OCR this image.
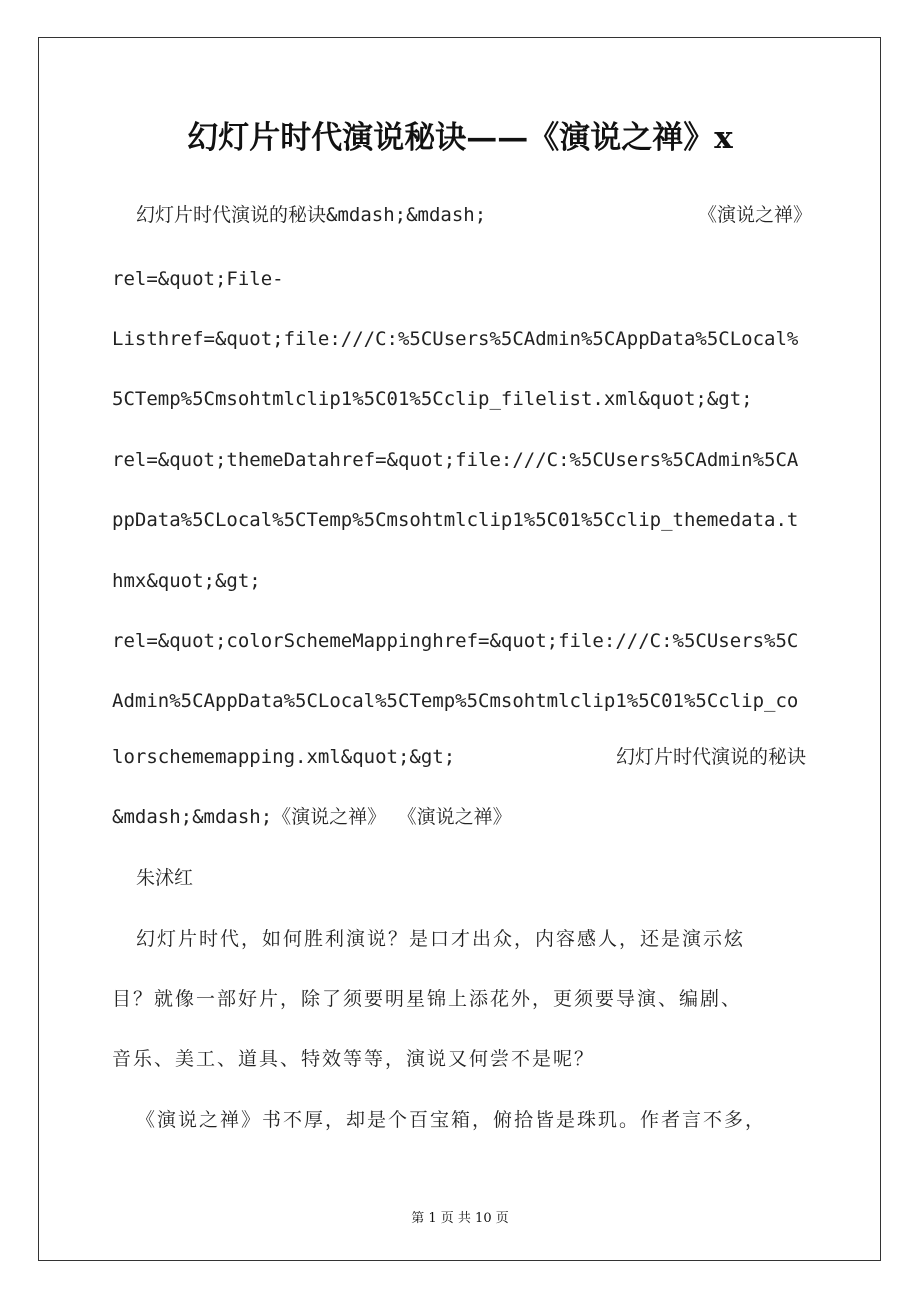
幻灯片时代演说秘诀——《演说之禅》x
幻灯片时代演说的秘诀&mdash;&mdash;	《演说之禅》
rel=&quot;File-
Listhref=&quot;file:///C:%5CUsers%5CAdmin%5CAppData%5CLocal%
5CTemp%5Cmsohtmlclip1%5C01%5Cclip_filelist.xml&quot;&gt;
rel=&quot;themeDatahref=&quot;file:///C:%5CUsers%5CAdmin%5CA
ppData%5CLocal%5CTemp%5Cmsohtmlclip1%5C01%5Cclip_themedata.t
hmx&quot;&gt;
rel=&quot;colorSchemeMappinghref=&quot;file:///C:%5CUsers%5C
Admin%5CAppData%5CLocal%5CTemp%5Cmsohtmlclip1%5C01%5Cclip_co
lorschememapping.xml&quot;&gt;	幻灯片时代演说的秘诀
&mdash;&mdash;《演说之禅》 《演说之禅》
朱沭红
幻灯片时代，如何胜利演说？是口才出众，内容感人，还是演示炫
目？就像一部好片，除了须要明星锦上添花外，更须要导演、编剧、
音乐、美工、道具、特效等等，演说又何尝不是呢？
《演说之禅》书不厚，却是个百宝箱，俯拾皆是珠玑。作者言不多，
第 1 页 共 10 页
